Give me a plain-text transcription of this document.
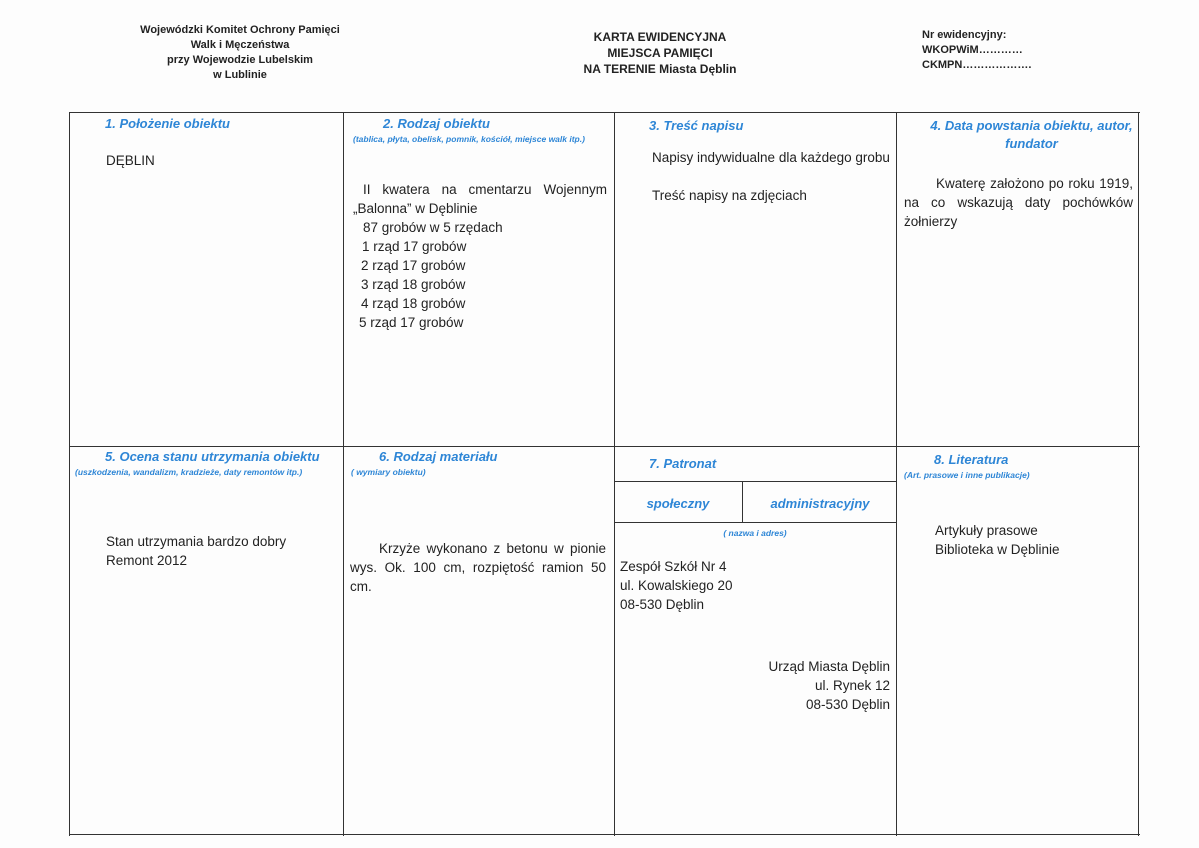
Wojewódzki Komitet Ochrony Pamięci
Walk i Męczeństwa
przy Wojewodzie Lubelskim
w Lublinie
KARTA EWIDENCYJNA
MIEJSCA PAMIĘCI
NA TERENIE Miasta Dęblin
Nr ewidencyjny:
WKOPWiM…………
CKMPN……………….
1. Położenie obiektu
DĘBLIN
2. Rodzaj obiektu
(tablica, płyta, obelisk, pomnik, kościół, miejsce walk itp.)
II kwatera na cmentarzu Wojennym „Balonna” w Dęblinie
87 grobów w 5 rzędach
1 rząd 17 grobów
2 rząd 17 grobów
3 rząd 18 grobów
4 rząd 18 grobów
5 rząd 17 grobów
3. Treść napisu
Napisy indywidualne dla każdego grobu
Treść napisy na zdjęciach
4. Data powstania obiektu, autor, fundator
Kwaterę założono po roku 1919, na co wskazują daty pochówków żołnierzy
5. Ocena stanu utrzymania obiektu
(uszkodzenia, wandalizm, kradzieże, daty remontów itp.)
Stan utrzymania bardzo dobry
Remont 2012
6. Rodzaj materiału
( wymiary obiektu)
Krzyże wykonano z betonu w pionie wys. Ok. 100 cm, rozpiętość ramion 50 cm.
7. Patronat
społeczny	administracyjny
( nazwa i adres)
Zespół Szkół Nr 4
ul. Kowalskiego 20
08-530 Dęblin
Urząd Miasta Dęblin
ul. Rynek 12
08-530 Dęblin
8. Literatura
(Art. prasowe i inne publikacje)
Artykuły prasowe
Biblioteka w Dęblinie
